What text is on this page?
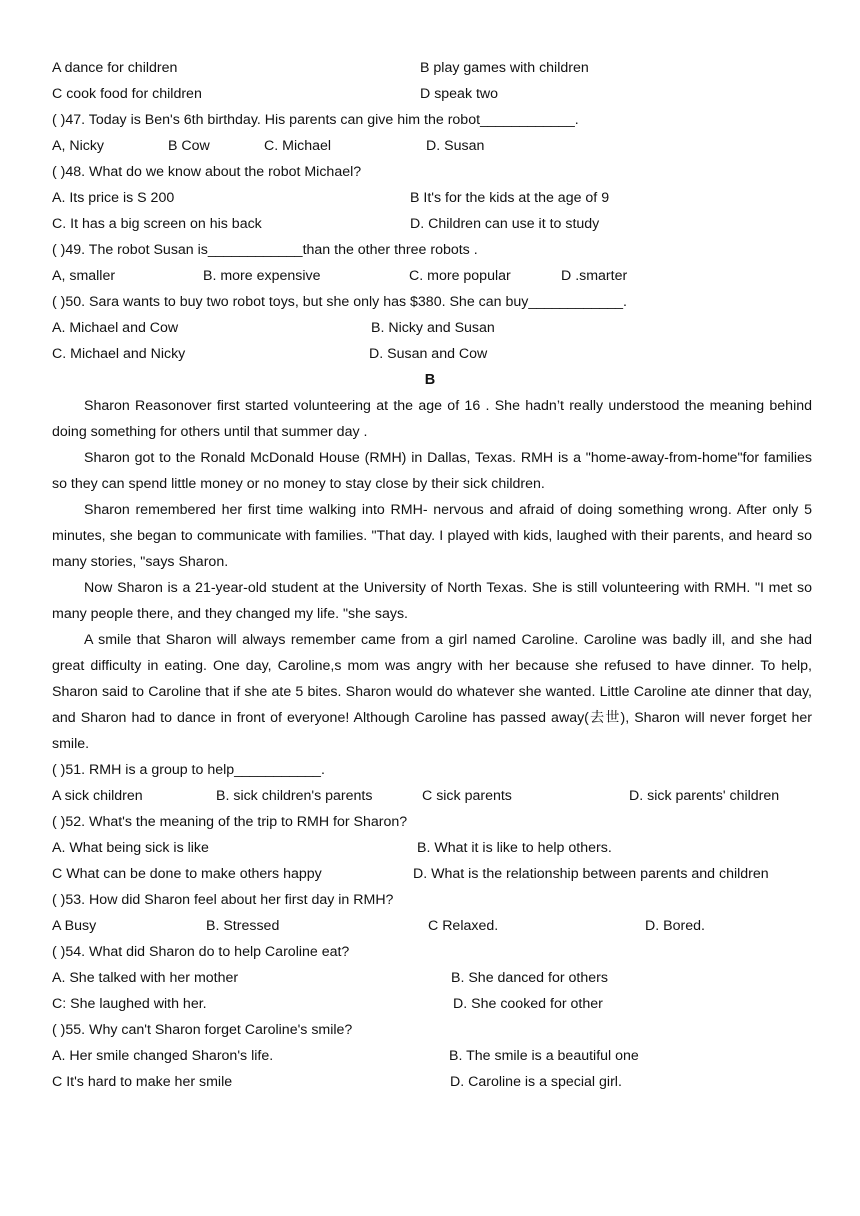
A dance for children	B play games with children
C cook food for children	D speak two
( )47. Today is Ben's 6th birthday. His parents can give him the robot____________.
A, Nicky	B Cow	C. Michael	D. Susan
( )48. What do we know about the robot Michael?
A. Its price is S 200	B It's for the kids at the age of 9
C. It has a big screen on his back	D. Children can use it to study
( )49. The robot Susan is____________than the other three robots .
A, smaller	B. more expensive	C. more popular	D .smarter
( )50. Sara wants to buy two robot toys, but she only has $380. She can buy____________.
A. Michael and Cow	B. Nicky and Susan
C. Michael and Nicky	D. Susan and Cow
B

Sharon Reasonover first started volunteering at the age of 16 . She hadn’t really understood the meaning behind doing something for others until that summer day .

Sharon got to the Ronald McDonald House (RMH) in Dallas, Texas. RMH is a "home-away-from-home"for families so they can spend little money or no money to stay close by their sick children.

Sharon remembered her first time walking into RMH- nervous and afraid of doing something wrong. After only 5 minutes, she began to communicate with families. "That day. I played with kids, laughed with their parents, and heard so many stories, "says Sharon.

Now Sharon is a 21-year-old student at the University of North Texas. She is still volunteering with RMH. "I met so many people there, and they changed my life. "she says.

A smile that Sharon will always remember came from a girl named Caroline. Caroline was badly ill, and she had great difficulty in eating. One day, Caroline,s mom was angry with her because she refused to have dinner. To help, Sharon said to Caroline that if she ate 5 bites. Sharon would do whatever she wanted. Little Caroline ate dinner that day, and Sharon had to dance in front of everyone! Although Caroline has passed away(去世), Sharon will never forget her smile.

( )51. RMH is a group to help___________.
A sick children	B. sick children's parents	C sick parents	D. sick parents' children
( )52. What's the meaning of the trip to RMH for Sharon?
A. What being sick is like	B. What it is like to help others.
C What can be done to make others happy	D. What is the relationship between parents and children
( )53. How did Sharon feel about her first day in RMH?
A Busy	B. Stressed	C Relaxed.	D. Bored.
( )54. What did Sharon do to help Caroline eat?
A. She talked with her mother	B. She danced for others
C: She laughed with her.	D. She cooked for other
( )55. Why can't Sharon forget Caroline's smile?
A. Her smile changed Sharon's life.	B. The smile is a beautiful one
C It's hard to make her smile	D. Caroline is a special girl.
